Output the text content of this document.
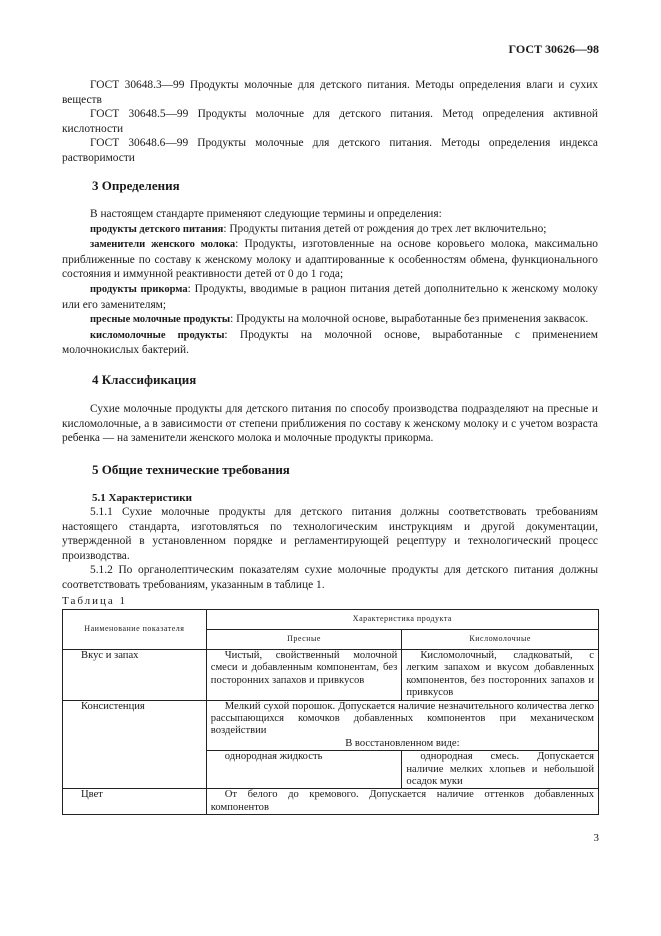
ГОСТ 30626—98

ГОСТ 30648.3—99 Продукты молочные для детского питания. Методы определения влаги и сухих веществ

ГОСТ 30648.5—99 Продукты молочные для детского питания. Метод определения активной кислотности

ГОСТ 30648.6—99 Продукты молочные для детского питания. Методы определения индекса растворимости

3 Определения

В настоящем стандарте применяют следующие термины и определения:

продукты детского питания: Продукты питания детей от рождения до трех лет включительно;

заменители женского молока: Продукты, изготовленные на основе коровьего молока, максимально приближенные по составу к женскому молоку и адаптированные к особенностям обмена, функционального состояния и иммунной реактивности детей от 0 до 1 года;

продукты прикорма: Продукты, вводимые в рацион питания детей дополнительно к женскому молоку или его заменителям;

пресные молочные продукты: Продукты на молочной основе, выработанные без применения заквасок.

кисломолочные продукты: Продукты на молочной основе, выработанные с применением молочнокислых бактерий.

4 Классификация

Сухие молочные продукты для детского питания по способу производства подразделяют на пресные и кисломолочные, а в зависимости от степени приближения по составу к женскому молоку и с учетом возраста ребенка — на заменители женского молока и молочные продукты прикорма.

5 Общие технические требования
5.1 Характеристики

5.1.1 Сухие молочные продукты для детского питания должны соответствовать требованиям настоящего стандарта, изготовляться по технологическим инструкциям и другой документации, утвержденной в установленном порядке и регламентирующей рецептуру и технологический процесс производства.

5.1.2 По органолептическим показателям сухие молочные продукты для детского питания должны соответствовать требованиям, указанным в таблице 1.

Таблица 1
Наименование показателя	Характеристика продукта	
	Пресные	Кисломолочные
Вкус и запах	Чистый, свойственный молочной смеси и добавленным компонентам, без посторонних запахов и привкусов	Кисломолочный, сладковатый, с легким запахом и вкусом добавленных компонентов, без посторонних запахов и привкусов
Консистенция	Мелкий сухой порошок. Допускается наличие незначительного количества легко рассыпающихся комочков добавленных компонентов при механическом воздействии
В восстановленном виде:	

	однородная жидкость	однородная смесь. Допускается наличие мелких хлопьев и небольшой осадок муки
Цвет	От белого до кремового. Допускается наличие оттенков добавленных компонентов	
3
